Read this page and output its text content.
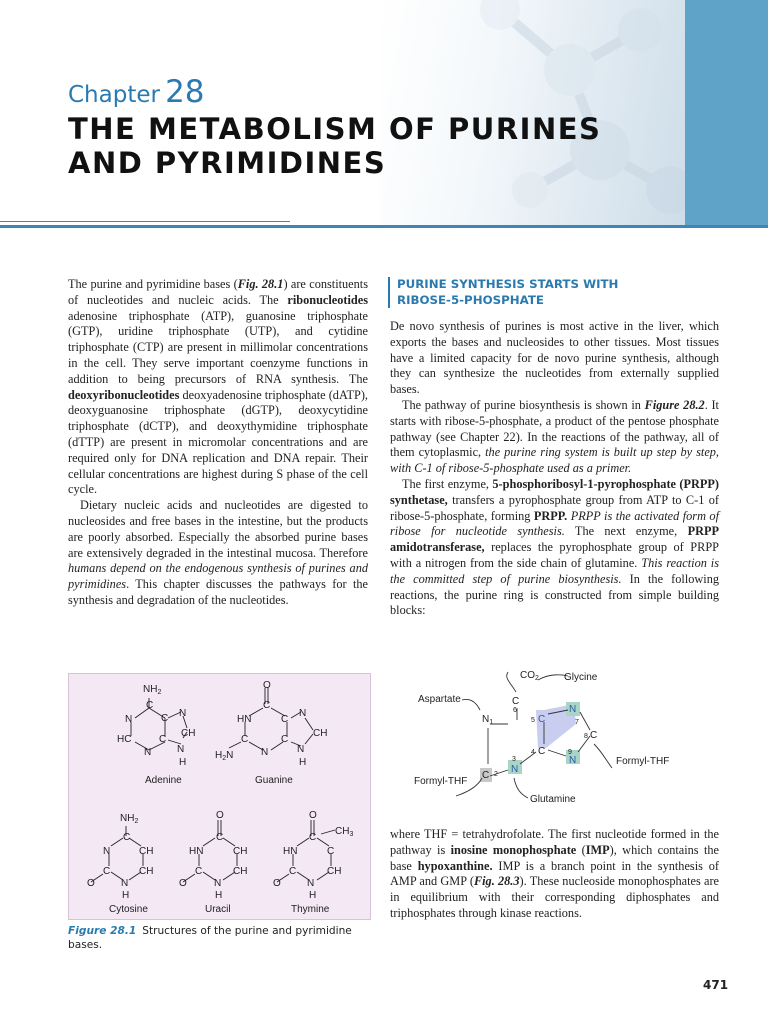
Chapter 28
THE METABOLISM OF PURINES
AND PYRIMIDINES

The purine and pyrimidine bases (Fig. 28.1) are constituents of nucleotides and nucleic acids. The ribonucleotides adenosine triphosphate (ATP), guanosine triphosphate (GTP), uridine triphosphate (UTP), and cytidine triphosphate (CTP) are present in millimolar concentrations in the cell. They serve important coenzyme functions in addition to being precursors of RNA synthesis. The deoxyribonucleotides deoxyadenosine triphosphate (dATP), deoxyguanosine triphosphate (dGTP), deoxycytidine triphosphate (dCTP), and deoxythymidine triphosphate (dTTP) are present in micromolar concentrations and are required only for DNA replication and DNA repair. Their cellular concentrations are highest during S phase of the cell cycle.

Dietary nucleic acids and nucleotides are digested to nucleosides and free bases in the intestine, but the products are poorly absorbed. Especially the absorbed purine bases are extensively degraded in the intestinal mucosa. Therefore humans depend on the endogenous synthesis of purines and pyrimidines. This chapter discusses the pathways for the synthesis and degradation of the nucleotides.

PURINE SYNTHESIS STARTS WITH
RIBOSE-5-PHOSPHATE

De novo synthesis of purines is most active in the liver, which exports the bases and nucleosides to other tissues. Most tissues have a limited capacity for de novo purine synthesis, although they can synthesize the nucleotides from externally supplied bases.

The pathway of purine biosynthesis is shown in Figure 28.2. It starts with ribose-5-phosphate, a product of the pentose phosphate pathway (see Chapter 22). In the reactions of the pathway, all of them cytoplasmic, the purine ring system is built up step by step, with C-1 of ribose-5-phosphate used as a primer.

The first enzyme, 5-phosphoribosyl-1-pyrophosphate (PRPP) synthetase, transfers a pyrophosphate group from ATP to C-1 of ribose-5-phosphate, forming PRPP. PRPP is the activated form of ribose for nucleotide synthesis. The next enzyme, PRPP amidotransferase, replaces the pyrophosphate group of PRPP with a nitrogen from the side chain of glutamine. This reaction is the committed step of purine biosynthesis. In the following reactions, the purine ring is constructed from simple building blocks:

where THF = tetrahydrofolate. The first nucleotide formed in the pathway is inosine monophosphate (IMP), which contains the base hypoxanthine. IMP is a branch point in the synthesis of AMP and GMP (Fig. 28.3). These nucleoside monophosphates are in equilibrium with their corresponding diphosphates and triphosphates through kinase reactions.

$NH_2$
C
N	C N
HC	C
N
CH
N
H
Adenine
O
C
HN	C
N
C	C
N
CH
N
H
$H_2N$
Guanine
$NH_2$
C
N	CH
C	CH
N
O
H
Cytosine
O
C
HN	CH
C	CH
N
O
H
Uracil
O
$CH_3$
C
HN	C
C	CH
N
O
H
Thymine
Figure 28.1 Structures of the purine and pyrimidine bases.
$CO_2$	Glycine
Aspartate	C
6
$N_1$	5 C
N
7
8 C
2
C
3
N
4 C	9
N
Formyl-THF
Formyl-THF
Glutamine
471
